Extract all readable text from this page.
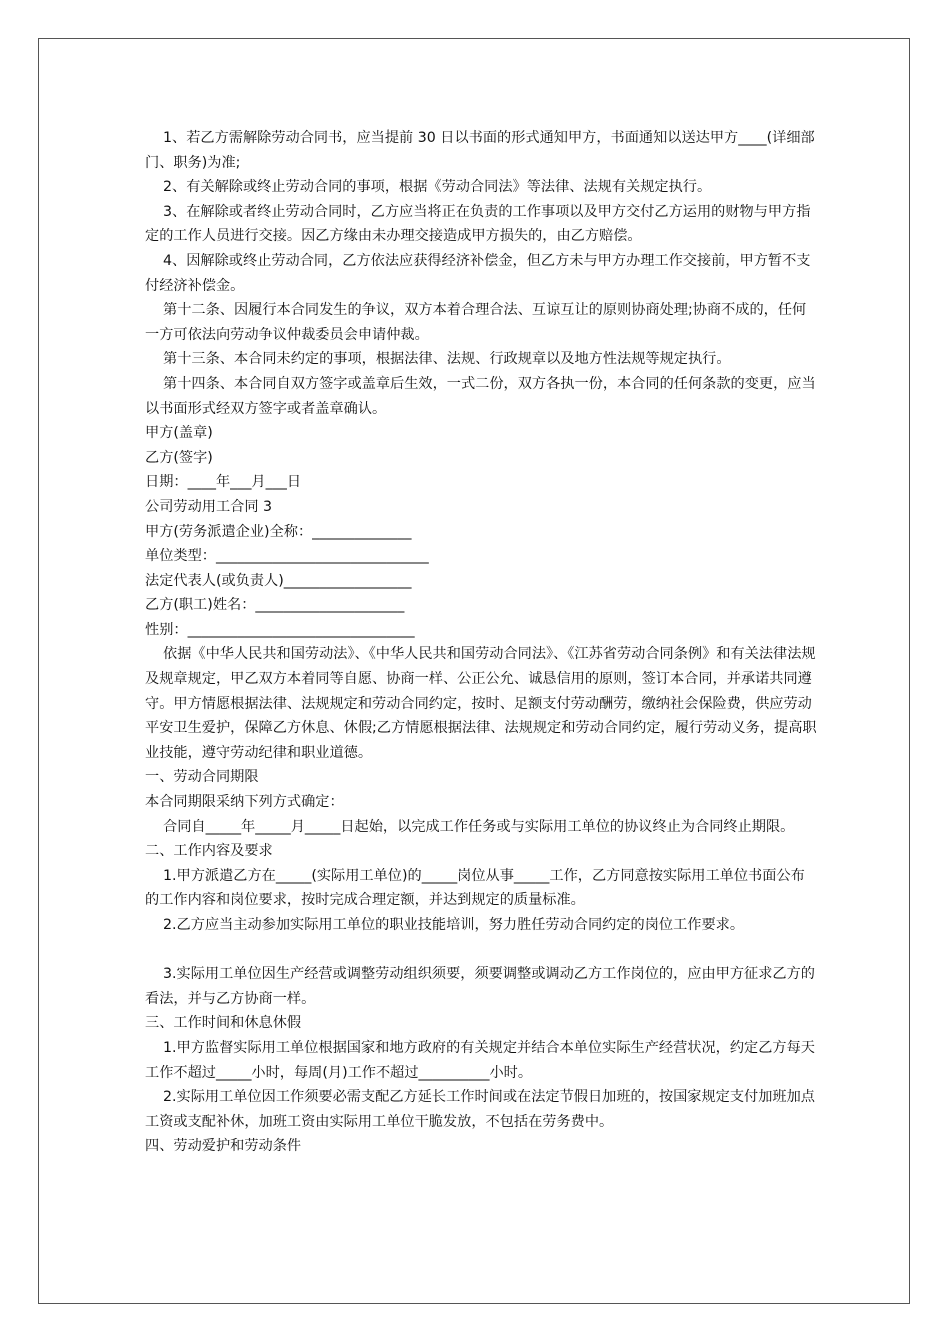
1、若乙方需解除劳动合同书，应当提前 30 日以书面的形式通知甲方，书面通知以送达甲方____(详细部门、职务)为准;

2、有关解除或终止劳动合同的事项，根据《劳动合同法》等法律、法规有关规定执行。

3、在解除或者终止劳动合同时，乙方应当将正在负责的工作事项以及甲方交付乙方运用的财物与甲方指定的工作人员进行交接。因乙方缘由未办理交接造成甲方损失的，由乙方赔偿。

4、因解除或终止劳动合同，乙方依法应获得经济补偿金，但乙方未与甲方办理工作交接前，甲方暂不支付经济补偿金。

第十二条、因履行本合同发生的争议，双方本着合理合法、互谅互让的原则协商处理;协商不成的，任何一方可依法向劳动争议仲裁委员会申请仲裁。

第十三条、本合同未约定的事项，根据法律、法规、行政规章以及地方性法规等规定执行。

第十四条、本合同自双方签字或盖章后生效，一式二份，双方各执一份，本合同的任何条款的变更，应当以书面形式经双方签字或者盖章确认。

甲方(盖章)

乙方(签字)

日期：____年___月___日

公司劳动用工合同 3

甲方(劳务派遣企业)全称：______________

单位类型：______________________________

法定代表人(或负责人)__________________

乙方(职工)姓名：_____________________

性别：________________________________

依据《中华人民共和国劳动法》、《中华人民共和国劳动合同法》、《江苏省劳动合同条例》和有关法律法规及规章规定，甲乙双方本着同等自愿、协商一样、公正公允、诚恳信用的原则，签订本合同，并承诺共同遵守。甲方情愿根据法律、法规规定和劳动合同约定，按时、足额支付劳动酬劳，缴纳社会保险费，供应劳动平安卫生爱护，保障乙方休息、休假;乙方情愿根据法律、法规规定和劳动合同约定，履行劳动义务，提高职业技能，遵守劳动纪律和职业道德。

一、劳动合同期限

本合同期限采纳下列方式确定：

合同自_____年_____月_____日起始，以完成工作任务或与实际用工单位的协议终止为合同终止期限。

二、工作内容及要求

1.甲方派遣乙方在_____(实际用工单位)的_____岗位从事_____工作，乙方同意按实际用工单位书面公布的工作内容和岗位要求，按时完成合理定额，并达到规定的质量标准。

2.乙方应当主动参加实际用工单位的职业技能培训，努力胜任劳动合同约定的岗位工作要求。

3.实际用工单位因生产经营或调整劳动组织须要，须要调整或调动乙方工作岗位的，应由甲方征求乙方的看法，并与乙方协商一样。

三、工作时间和休息休假

1.甲方监督实际用工单位根据国家和地方政府的有关规定并结合本单位实际生产经营状况，约定乙方每天工作不超过_____小时，每周(月)工作不超过__________小时。

2.实际用工单位因工作须要必需支配乙方延长工作时间或在法定节假日加班的，按国家规定支付加班加点工资或支配补休，加班工资由实际用工单位干脆发放，不包括在劳务费中。

四、劳动爱护和劳动条件
